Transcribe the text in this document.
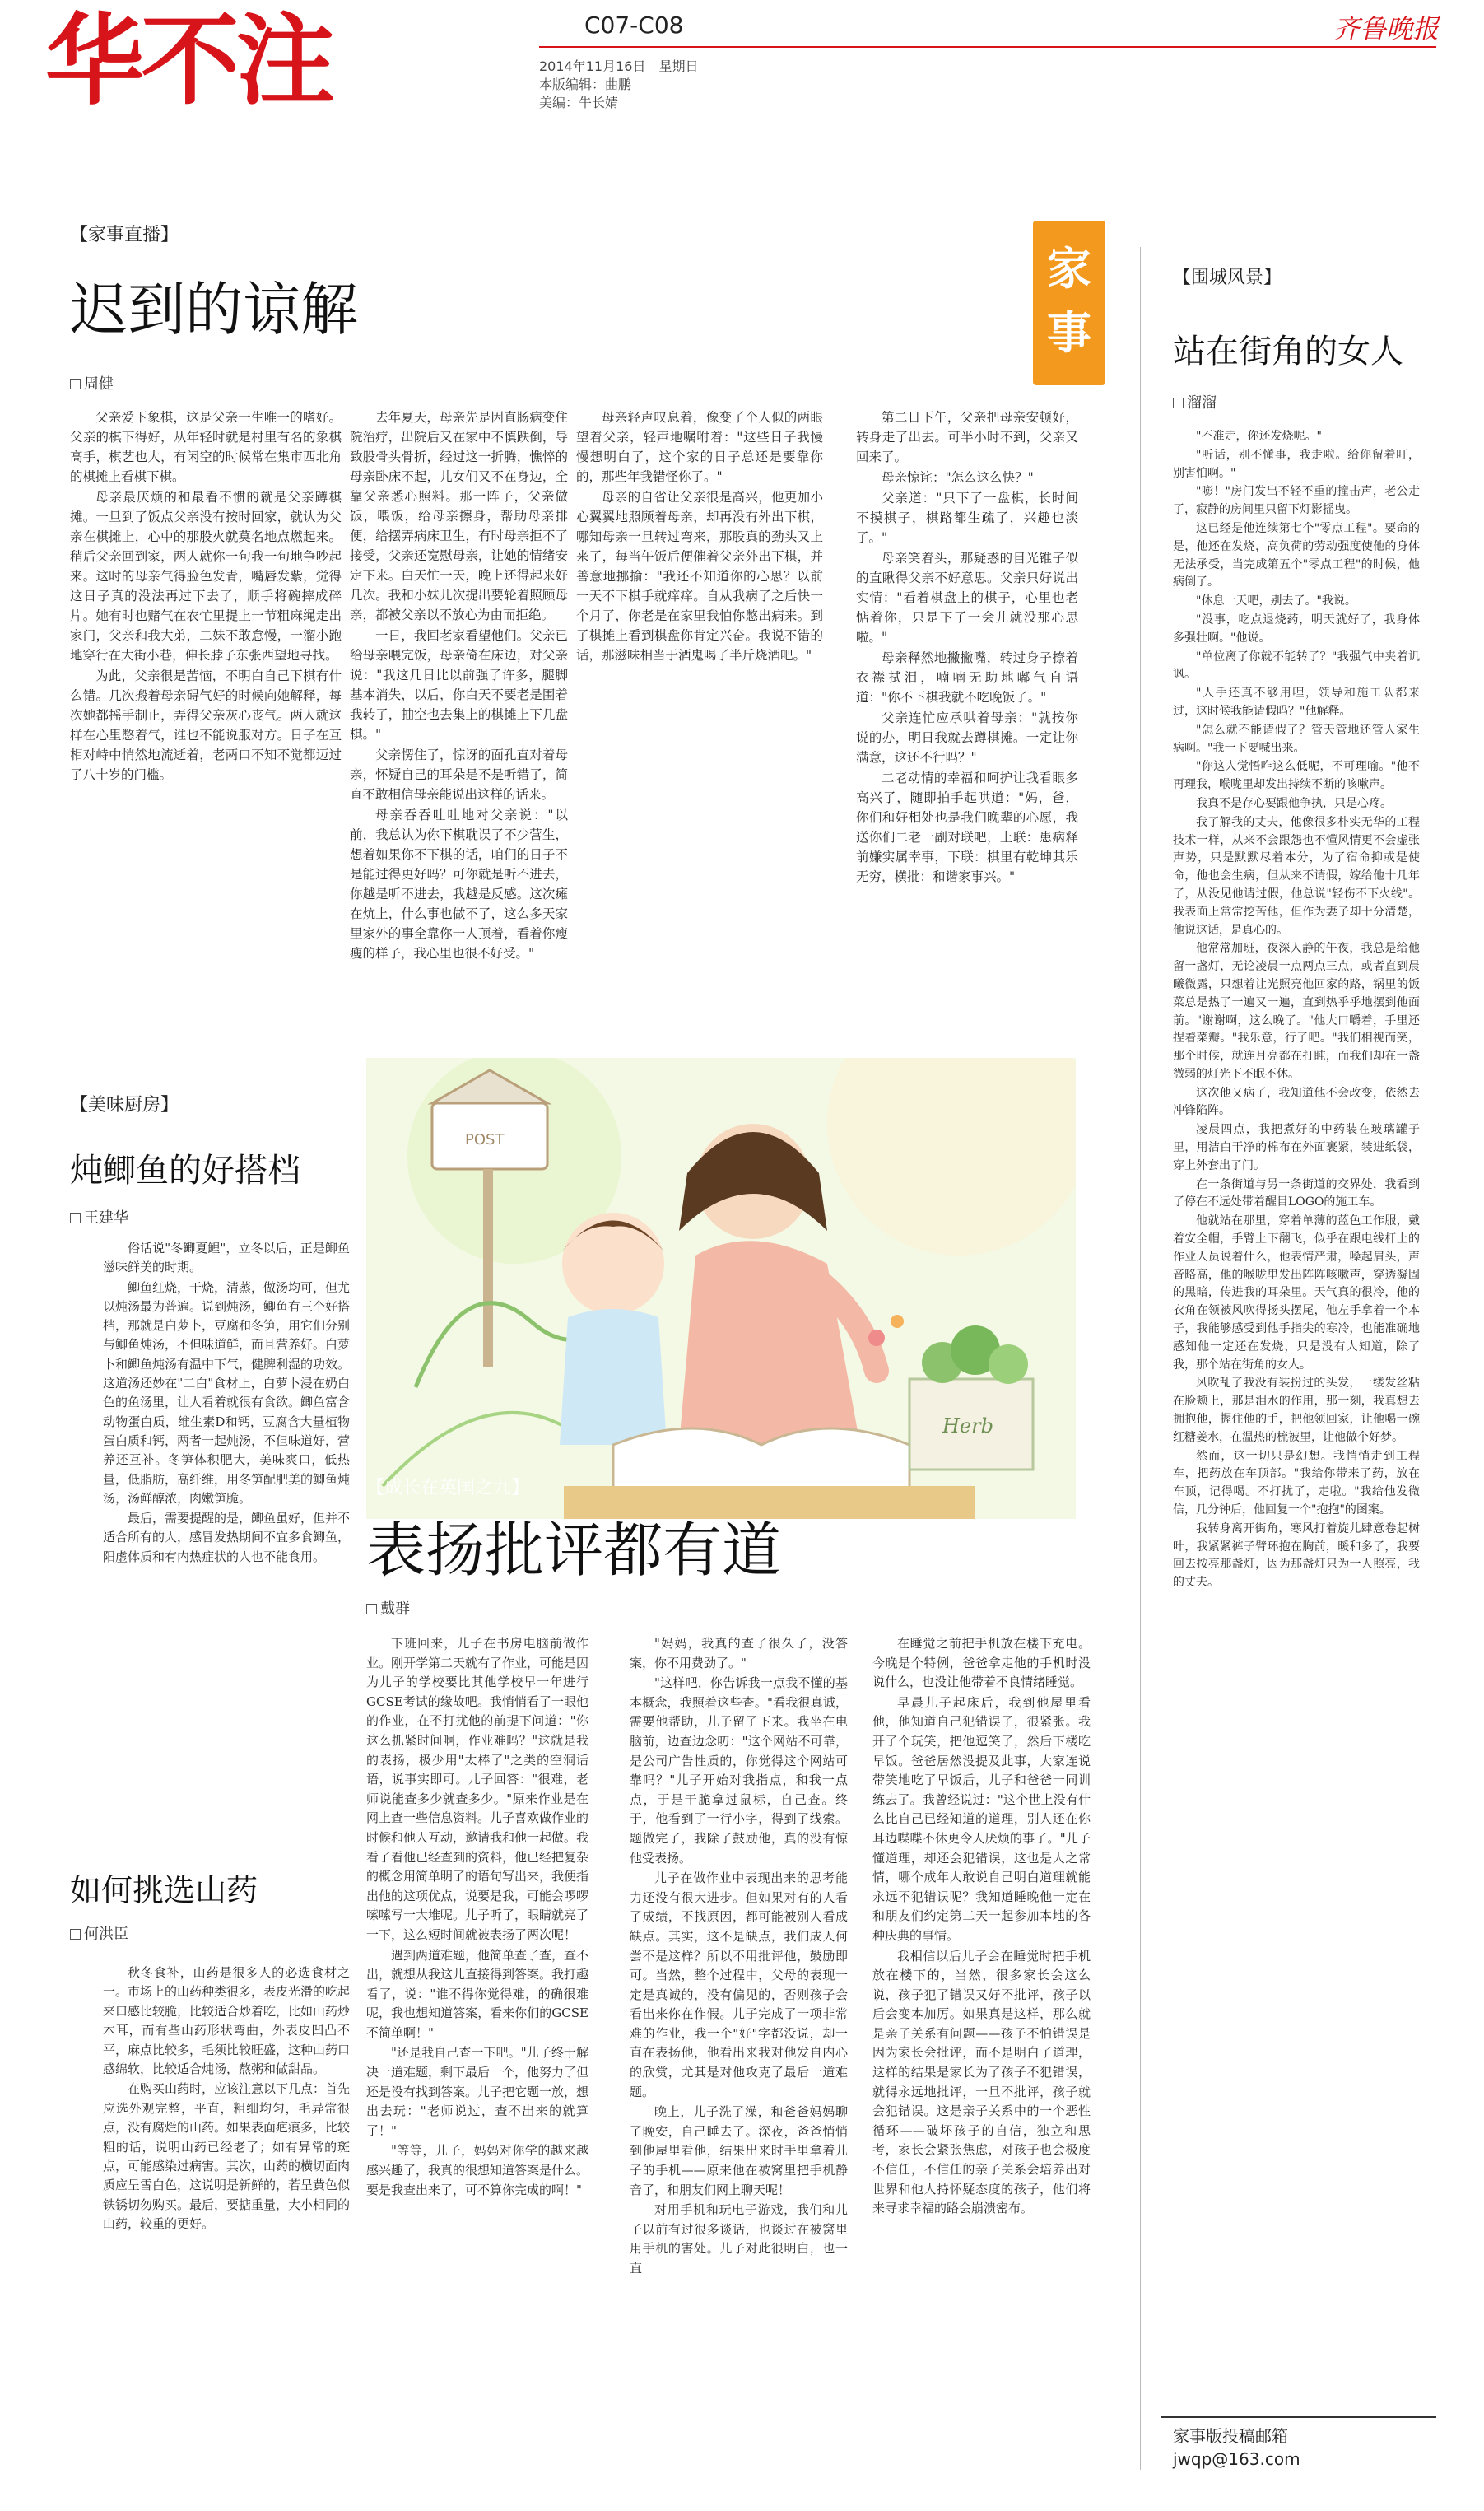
华不注	C07-C08	齐鲁晚报
2014年11月16日　星期日
本版编辑：曲鹏
美编：牛长婧
【家事直播】
迟到的谅解
周健
家
事

父亲爱下象棋，这是父亲一生唯一的嗜好。父亲的棋下得好，从年轻时就是村里有名的象棋高手，棋艺也大，有闲空的时候常在集市西北角的棋摊上看棋下棋。

母亲最厌烦的和最看不惯的就是父亲蹲棋摊。一旦到了饭点父亲没有按时回家，就认为父亲在棋摊上，心中的那股火就莫名地点燃起来。稍后父亲回到家，两人就你一句我一句地争吵起来。这时的母亲气得脸色发青，嘴唇发紫，觉得这日子真的没法再过下去了，顺手将碗摔成碎片。她有时也赌气在农忙里提上一节粗麻绳走出家门，父亲和我大弟，二妹不敢怠慢，一溜小跑地穿行在大街小巷，伸长脖子东张西望地寻找。

为此，父亲很是苦恼，不明白自己下棋有什么错。几次搬着母亲碍气好的时候向她解释，每次她都摇手制止，弄得父亲灰心丧气。两人就这样在心里憋着气，谁也不能说服对方。日子在互相对峙中悄然地流逝着，老两口不知不觉都迈过了八十岁的门槛。

去年夏天，母亲先是因直肠病变住院治疗，出院后又在家中不慎跌倒，导致股骨头骨折，经过这一折腾，憔悴的母亲卧床不起，儿女们又不在身边，全靠父亲悉心照料。那一阵子，父亲做饭，喂饭，给母亲擦身，帮助母亲排便，给摆弄病床卫生，有时母亲拒不了接受，父亲还宽慰母亲，让她的情绪安定下来。白天忙一天，晚上还得起来好几次。我和小妹儿次提出要轮着照顾母亲，都被父亲以不放心为由而拒绝。

一日，我回老家看望他们。父亲已给母亲喂完饭，母亲倚在床边，对父亲说："我这几日比以前强了许多，腿脚基本消失，以后，你白天不要老是围着我转了，抽空也去集上的棋摊上下几盘棋。"

父亲愣住了，惊讶的面孔直对着母亲，怀疑自己的耳朵是不是听错了，简直不敢相信母亲能说出这样的话来。

母亲吞吞吐吐地对父亲说："以前，我总认为你下棋耽误了不少营生，想着如果你不下棋的话，咱们的日子不是能过得更好吗？可你就是听不进去，你越是听不进去，我越是反感。这次瘫在炕上，什么事也做不了，这么多天家里家外的事全靠你一人顶着，看着你瘦瘦的样子，我心里也很不好受。"

母亲轻声叹息着，像变了个人似的两眼望着父亲，轻声地嘱咐着："这些日子我慢慢想明白了，这个家的日子总还是要靠你的，那些年我错怪你了。"

母亲的自省让父亲很是高兴，他更加小心翼翼地照顾着母亲，却再没有外出下棋，哪知母亲一旦转过弯来，那股真的劲头又上来了，每当午饭后便催着父亲外出下棋，并善意地挪揄："我还不知道你的心思？以前一天不下棋手就痒痒。自从我病了之后快一个月了，你老是在家里我怕你憋出病来。到了棋摊上看到棋盘你肯定兴奋。我说不错的话，那滋味相当于酒鬼喝了半斤烧酒吧。"

第二日下午，父亲把母亲安顿好，转身走了出去。可半小时不到，父亲又回来了。

母亲惊诧："怎么这么快？"

父亲道："只下了一盘棋，长时间不摸棋子，棋路都生疏了，兴趣也淡了。"

母亲笑着头，那疑惑的目光锥子似的直瞅得父亲不好意思。父亲只好说出实情："看着棋盘上的棋子，心里也老惦着你，只是下了一会儿就没那心思啦。"

母亲释然地撇撇嘴，转过身子撩着衣襟拭泪，喃喃无助地嘟气自语道："你不下棋我就不吃晚饭了。"

父亲连忙应承哄着母亲："就按你说的办，明日我就去蹲棋摊。一定让你满意，这还不行吗？"

二老动情的幸福和呵护让我看眼多高兴了，随即拍手起哄道："妈，爸，你们和好相处也是我们晚辈的心愿，我送你们二老一副对联吧，上联：患病释前嫌实属幸事，下联：棋里有乾坤其乐无穷，横批：和谐家事兴。"

【围城风景】
站在街角的女人
溜溜

"不准走，你还发烧呢。"

"听话，别不懂事，我走啦。给你留着叮，别害怕啊。"

"嘭！"房门发出不轻不重的撞击声，老公走了，寂静的房间里只留下灯影摇曳。

这已经是他连续第七个"零点工程"。要命的是，他还在发烧，高负荷的劳动强度使他的身体无法承受，当完成第五个"零点工程"的时候，他病倒了。

"休息一天吧，别去了。"我说。

"没事，吃点退烧药，明天就好了，我身体多强壮啊。"他说。

"单位离了你就不能转了？"我强气中夹着讥讽。

"人手还真不够用哩，领导和施工队都来过，这时候我能请假吗？"他解释。

"怎么就不能请假了？管天管地还管人家生病啊。"我一下要喊出来。

"你这人觉悟咋这么低呢，不可理喻。"他不再理我，喉咙里却发出持续不断的咳嗽声。

我真不是存心要跟他争执，只是心疼。

我了解我的丈夫，他像很多朴实无华的工程技术一样，从来不会跟怨也不懂风情更不会虚张声势，只是默默尽着本分，为了宿命抑或是使命，他也会生病，但从来不请假，嫁给他十几年了，从没见他请过假，他总说"轻伤不下火线"。我表面上常常挖苦他，但作为妻子却十分清楚，他说这话，是真心的。

他常常加班，夜深人静的午夜，我总是给他留一盏灯，无论凌晨一点两点三点，或者直到晨曦微露，只想着让光照亮他回家的路，锅里的饭菜总是热了一遍又一遍，直到热乎乎地摆到他面前。"谢谢啊，这么晚了。"他大口嚼着，手里还捏着菜瓣。"我乐意，行了吧。"我们相视而笑，那个时候，就连月亮都在打盹，而我们却在一盏微弱的灯光下不眠不休。

这次他又病了，我知道他不会改变，依然去冲锋陷阵。

凌晨四点，我把煮好的中药装在玻璃罐子里，用洁白干净的棉布在外面裹紧，装进纸袋，穿上外套出了门。

在一条街道与另一条街道的交界处，我看到了停在不远处带着醒目LOGO的施工车。

他就站在那里，穿着单薄的蓝色工作服，戴着安全帽，手臂上下翻飞，似乎在跟电线杆上的作业人员说着什么，他表情严肃，嗓起眉头，声音略高，他的喉咙里发出阵阵咳嗽声，穿透凝固的黑暗，传进我的耳朵里。天气真的很冷，他的衣角在领被风吹得扬头摆尾，他左手拿着一个本子，我能够感受到他手指尖的寒冷，也能准确地感知他一定还在发烧，只是没有人知道，除了我，那个站在街角的女人。

风吹乱了我没有装扮过的头发，一缕发丝粘在脸颊上，那是泪水的作用，那一刻，我真想去拥抱他，握住他的手，把他领回家，让他喝一碗红糖姜水，在温热的梳被里，让他做个好梦。

然而，这一切只是幻想。我悄悄走到工程车，把药放在车顶部。"我给你带来了药，放在车顶，记得喝。不打扰了，走啦。"我给他发微信，几分钟后，他回复一个"抱抱"的图案。

我转身离开街角，寒风打着旋儿肆意卷起树叶，我紧紧裤子臂环抱在胸前，暖和多了，我要回去按亮那盏灯，因为那盏灯只为一人照亮，我的丈夫。

家事版投稿邮箱
jwqp@163.com
【美味厨房】
炖鲫鱼的好搭档
王建华

俗话说"冬鲫夏鲤"，立冬以后，正是鲫鱼滋味鲜美的时期。

鲫鱼红烧，干烧，清蒸，做汤均可，但尤以炖汤最为普遍。说到炖汤，鲫鱼有三个好搭档，那就是白萝卜，豆腐和冬笋，用它们分别与鲫鱼炖汤，不但味道鲜，而且营养好。白萝卜和鲫鱼炖汤有温中下气，健脾利湿的功效。这道汤还妙在"二白"食材上，白萝卜浸在奶白色的鱼汤里，让人看着就很有食欲。鲫鱼富含动物蛋白质，维生素D和钙，豆腐含大量植物蛋白质和钙，两者一起炖汤，不但味道好，营养还互补。冬笋体积肥大，美味爽口，低热量，低脂肪，高纤维，用冬笋配肥美的鲫鱼炖汤，汤鲜醇浓，肉嫩笋脆。

最后，需要提醒的是，鲫鱼虽好，但并不适合所有的人，感冒发热期间不宜多食鲫鱼，阳虚体质和有内热症状的人也不能食用。

如何挑选山药
何洪臣

秋冬食补，山药是很多人的必选食材之一。市场上的山药种类很多，表皮光滑的吃起来口感比较脆，比较适合炒着吃，比如山药炒木耳，而有些山药形状弯曲，外表皮凹凸不平，麻点比较多，毛须比较旺盛，这种山药口感绵软，比较适合炖汤，熬粥和做甜品。

在购买山药时，应该注意以下几点：首先应选外观完整，平直，粗细均匀，毛异常很点，没有腐烂的山药。如果表面疤痕多，比较粗的话，说明山药已经老了；如有异常的斑点，可能感染过病害。其次，山药的横切面肉质应呈雪白色，这说明是新鲜的，若呈黄色似铁锈切勿购买。最后，要掂重量，大小相同的山药，较重的更好。

POST
Herb
【成长在英国之九】
表扬批评都有道
戴群

下班回来，儿子在书房电脑前做作业。刚开学第二天就有了作业，可能是因为儿子的学校要比其他学校早一年进行GCSE考试的缘故吧。我悄悄看了一眼他的作业，在不打扰他的前提下问道："你这么抓紧时间啊，作业难吗？"这就是我的表扬，极少用"太棒了"之类的空洞话语，说事实即可。儿子回答："很难，老师说能查多少就查多少。"原来作业是在网上查一些信息资料。儿子喜欢做作业的时候和他人互动，邀请我和他一起做。我看了看他已经查到的资料，他已经把复杂的概念用简单明了的语句写出来，我便指出他的这项优点，说要是我，可能会啰啰嗦嗦写一大堆呢。儿子听了，眼睛就亮了一下，这么短时间就被表扬了两次呢！

遇到两道难题，他简单查了查，查不出，就想从我这儿直接得到答案。我打趣看了，说："谁不得你觉得难，的确很难呢，我也想知道答案，看来你们的GCSE不简单啊！"

"还是我自己查一下吧。"儿子终于解决一道难题，剩下最后一个，他努力了但还是没有找到答案。儿子把它题一放，想出去玩："老师说过，查不出来的就算了！"

"等等，儿子，妈妈对你学的越来越感兴趣了，我真的很想知道答案是什么。要是我查出来了，可不算你完成的啊！"

"妈妈，我真的查了很久了，没答案，你不用费劲了。"

"这样吧，你告诉我一点我不懂的基本概念，我照着这些查。"看我很真诚，需要他帮助，儿子留了下来。我坐在电脑前，边查边念叨："这个网站不可靠，是公司广告性质的，你觉得这个网站可靠吗？"儿子开始对我指点，和我一点点，于是干脆拿过鼠标，自己查。终于，他看到了一行小字，得到了线索。题做完了，我除了鼓励他，真的没有惊他受表扬。

儿子在做作业中表现出来的思考能力还没有很大进步。但如果对有的人看了成绩，不找原因，都可能被别人看成缺点。其实，这不是缺点，我们成人何尝不是这样？所以不用批评他，鼓励即可。当然，整个过程中，父母的表现一定是真诚的，没有偏见的，否则孩子会看出来你在作假。儿子完成了一项非常难的作业，我一个"好"字都没说，却一直在表扬他，他看出来我对他发自内心的欣赏，尤其是对他攻克了最后一道难题。

晚上，儿子洗了澡，和爸爸妈妈聊了晚安，自己睡去了。深夜，爸爸悄悄到他屋里看他，结果出来时手里拿着儿子的手机——原来他在被窝里把手机静音了，和朋友们网上聊天呢！

对用手机和玩电子游戏，我们和儿子以前有过很多谈话，也谈过在被窝里用手机的害处。儿子对此很明白，也一直

在睡觉之前把手机放在楼下充电。今晚是个特例，爸爸拿走他的手机时没说什么，也没让他带着不良情绪睡觉。

早晨儿子起床后，我到他屋里看他，他知道自己犯错误了，很紧张。我开了个玩笑，把他逗笑了，然后下楼吃早饭。爸爸居然没提及此事，大家连说带笑地吃了早饭后，儿子和爸爸一同训练去了。我曾经说过："这个世上没有什么比自己已经知道的道理，别人还在你耳边喋喋不休更令人厌烦的事了。"儿子懂道理，却还会犯错误，这也是人之常情，哪个成年人敢说自己明白道理就能永远不犯错误呢？我知道睡晚他一定在和朋友们约定第二天一起参加本地的各种庆典的事情。

我相信以后儿子会在睡觉时把手机放在楼下的，当然，很多家长会这么说，孩子犯了错误又好不批评，孩子以后会变本加厉。如果真是这样，那么就是亲子关系有问题——孩子不怕错误是因为家长会批评，而不是明白了道理，这样的结果是家长为了孩子不犯错误，就得永远地批评，一旦不批评，孩子就会犯错误。这是亲子关系中的一个恶性循环——破坏孩子的自信，独立和思考，家长会紧张焦虑，对孩子也会极度不信任，不信任的亲子关系会培养出对世界和他人持怀疑态度的孩子，他们将来寻求幸福的路会崩溃密布。
